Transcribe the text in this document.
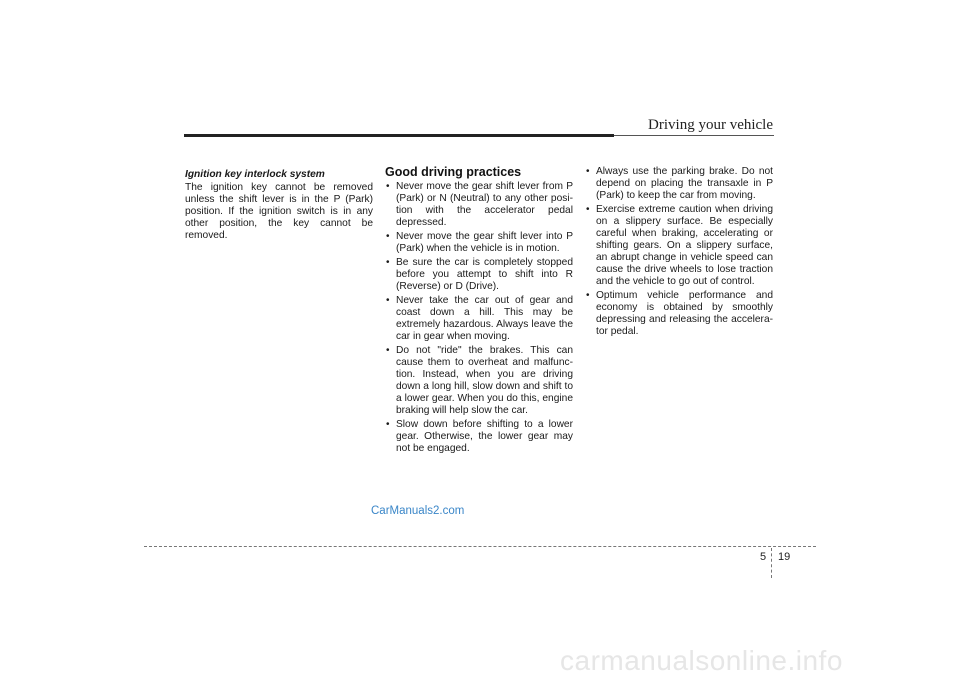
Driving your vehicle
Ignition key interlock system

The ignition key cannot be removed unless the shift lever is in the P (Park) position. If the ignition switch is in any other position, the key cannot be removed.

Good driving practices
• Never move the gear shift lever from P (Park) or N (Neutral) to any other posi-tion with the accelerator pedal depressed.
• Never move the gear shift lever into P (Park) when the vehicle is in motion.
• Be sure the car is completely stopped before you attempt to shift into R (Reverse) or D (Drive).
• Never take the car out of gear and coast down a hill. This may be extremely hazardous. Always leave the car in gear when moving.
• Do not "ride" the brakes. This can cause them to overheat and malfunc-tion. Instead, when you are driving down a long hill, slow down and shift to a lower gear. When you do this, engine braking will help slow the car.
• Slow down before shifting to a lower gear. Otherwise, the lower gear may not be engaged.
• Always use the parking brake. Do not depend on placing the transaxle in P (Park) to keep the car from moving.
• Exercise extreme caution when driving on a slippery surface. Be especially careful when braking, accelerating or shifting gears. On a slippery surface, an abrupt change in vehicle speed can cause the drive wheels to lose traction and the vehicle to go out of control.
• Optimum vehicle performance and economy is obtained by smoothly depressing and releasing the accelera-tor pedal.
CarManuals2.com
5 19
carmanualsonline.info
